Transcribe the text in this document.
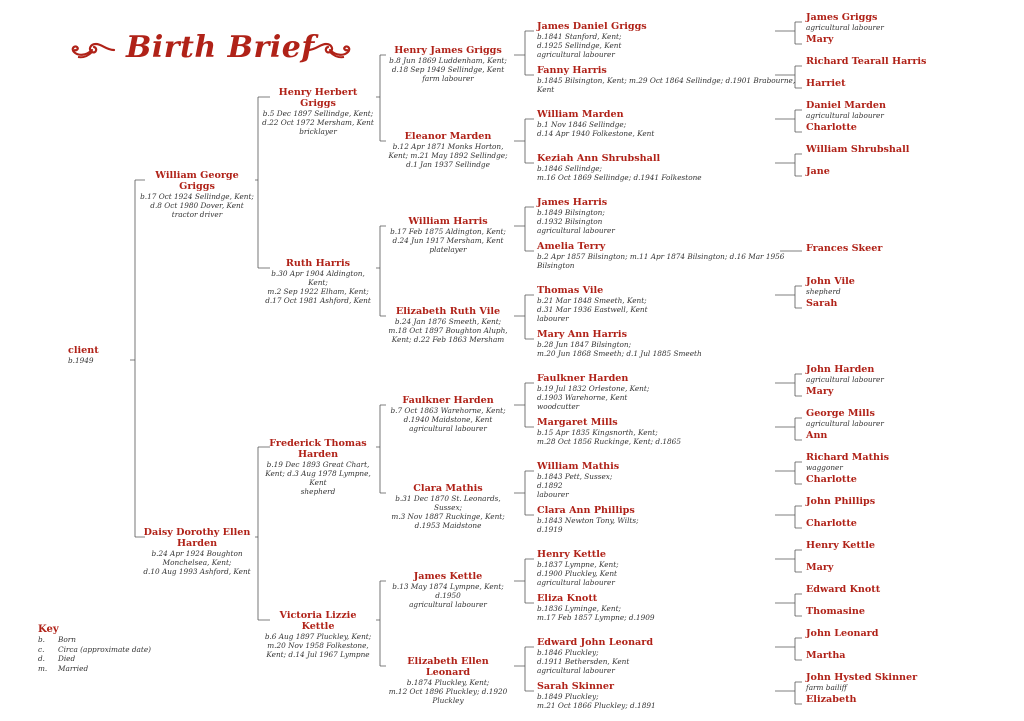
Birth Brief
client
b.1949
William George Griggs
b.17 Oct 1924 Sellindge, Kent;
d.8 Oct 1980 Dover, Kent
tractor driver
Daisy Dorothy Ellen Harden
b.24 Apr 1924 Boughton Monchelsea, Kent;
d.10 Aug 1993 Ashford, Kent
Henry Herbert Griggs
b.5 Dec 1897 Sellindge, Kent;
d.22 Oct 1972 Mersham, Kent
bricklayer
Ruth Harris
b.30 Apr 1904 Aldington, Kent;
m.2 Sep 1922 Elham, Kent;
d.17 Oct 1981 Ashford, Kent
Frederick Thomas Harden
b.19 Dec 1893 Great Chart, Kent; d.3 Aug 1978 Lympne, Kent
shepherd
Victoria Lizzie Kettle
b.6 Aug 1897 Pluckley, Kent;
m.20 Nov 1958 Folkestone, Kent; d.14 Jul 1967 Lympne
Henry James Griggs
b.8 Jun 1869 Luddenham, Kent;
d.18 Sep 1949 Sellindge, Kent
farm labourer
Eleanor Marden
b.12 Apr 1871 Monks Horton, Kent; m.21 May 1892 Sellindge;
d.1 Jan 1937 Sellindge
William Harris
b.17 Feb 1875 Aldington, Kent;
d.24 Jun 1917 Mersham, Kent
platelayer
Elizabeth Ruth Vile
b.24 Jan 1876 Smeeth, Kent;
m.18 Oct 1897 Boughton Aluph, Kent; d.22 Feb 1863 Mersham
Faulkner Harden
b.7 Oct 1863 Warehorne, Kent;
d.1940 Maidstone, Kent
agricultural labourer
Clara Mathis
b.31 Dec 1870 St. Leonards, Sussex;
m.3 Nov 1887 Ruckinge, Kent;
d.1953 Maidstone
James Kettle
b.13 May 1874 Lympne, Kent;
d.1950
agricultural labourer
Elizabeth Ellen Leonard
b.1874 Pluckley, Kent;
m.12 Oct 1896 Pluckley; d.1920
Pluckley
James Daniel Griggs
b.1841 Stanford, Kent;
d.1925 Sellindge, Kent
agricultural labourer
Fanny Harris
b.1845 Bilsington, Kent; m.29 Oct 1864 Sellindge; d.1901 Brabourne,
Kent
William Marden
b.1 Nov 1846 Sellindge;
d.14 Apr 1940 Folkestone, Kent
Keziah Ann Shrubshall
b.1846 Sellindge;
m.16 Oct 1869 Sellindge; d.1941 Folkestone
James Harris
b.1849 Bilsington;
d.1932 Bilsington
agricultural labourer
Amelia Terry
b.2 Apr 1857 Bilsington; m.11 Apr 1874 Bilsington; d.16 Mar 1956
Bilsington
Thomas Vile
b.21 Mar 1848 Smeeth, Kent;
d.31 Mar 1936 Eastwell, Kent
labourer
Mary Ann Harris
b.28 Jun 1847 Bilsington;
m.20 Jun 1868 Smeeth; d.1 Jul 1885 Smeeth
Faulkner Harden
b.19 Jul 1832 Orlestone, Kent;
d.1903 Warehorne, Kent
woodcutter
Margaret Mills
b.15 Apr 1835 Kingsnorth, Kent;
m.28 Oct 1856 Ruckinge, Kent; d.1865
William Mathis
b.1843 Pett, Sussex;
d.1892
labourer
Clara Ann Phillips
b.1843 Newton Tony, Wilts;
d.1919
Henry Kettle
b.1837 Lympne, Kent;
d.1900 Pluckley, Kent
agricultural labourer
Eliza Knott
b.1836 Lyminge, Kent;
m.17 Feb 1857 Lympne; d.1909
Edward John Leonard
b.1846 Pluckley;
d.1911 Bethersden, Kent
agricultural labourer
Sarah Skinner
b.1849 Pluckley;
m.21 Oct 1866 Pluckley; d.1891
James Griggs
agricultural labourer
Mary
Richard Tearall Harris
Harriet
Daniel Marden
agricultural labourer
Charlotte
William Shrubshall
Jane
Frances Skeer
John Vile
shepherd
Sarah
John Harden
agricultural labourer
Mary
George Mills
agricultural labourer
Ann
Richard Mathis
waggoner
Charlotte
John Phillips
Charlotte
Henry Kettle
Mary
Edward Knott
Thomasine
John Leonard
Martha
John Hysted Skinner
farm bailiff
Elizabeth
Key
b. Born
c. Circa (approximate date)
d. Died
m. Married
